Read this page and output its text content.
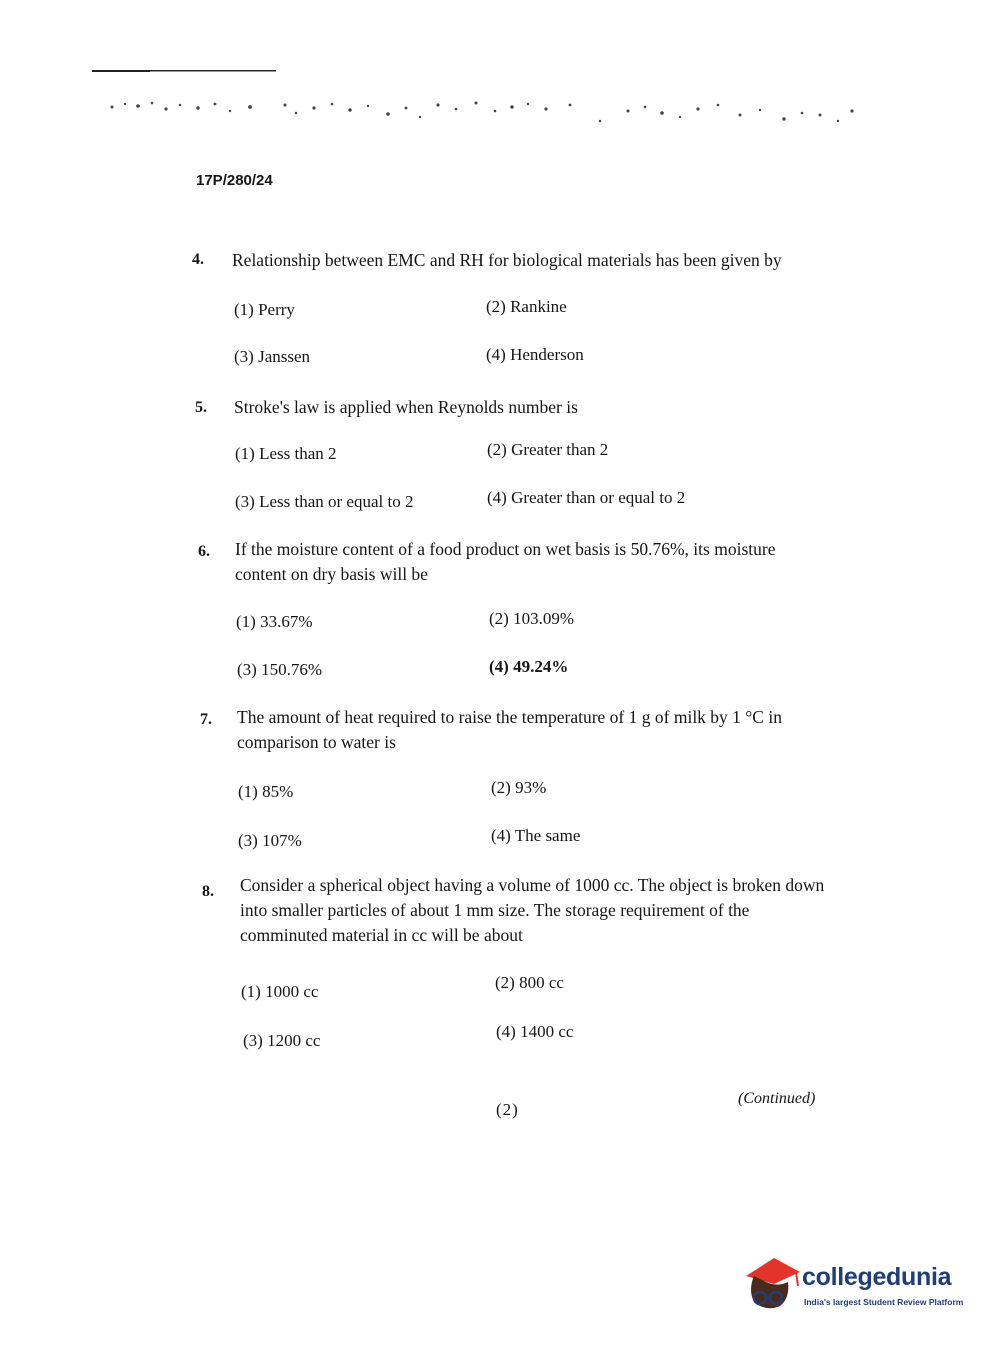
17P/280/24
4. Relationship between EMC and RH for biological materials has been given by
(1) Perry	(2) Rankine
(3) Janssen	(4) Henderson
5. Stroke's law is applied when Reynolds number is
(1) Less than 2	(2) Greater than 2
(3) Less than or equal to 2	(4) Greater than or equal to 2
6. If the moisture content of a food product on wet basis is 50.76%, its moisture content on dry basis will be
(1) 33.67%	(2) 103.09%
(3) 150.76%	(4) 49.24%
7. The amount of heat required to raise the temperature of 1 g of milk by 1 °C in comparison to water is
(1) 85%	(2) 93%
(3) 107%	(4) The same
8. Consider a spherical object having a volume of 1000 cc. The object is broken down into smaller particles of about 1 mm size. The storage requirement of the comminuted material in cc will be about
(1) 1000 cc	(2) 800 cc
(3) 1200 cc	(4) 1400 cc
(2)
(Continued)
collegedunia
India's largest Student Review Platform
